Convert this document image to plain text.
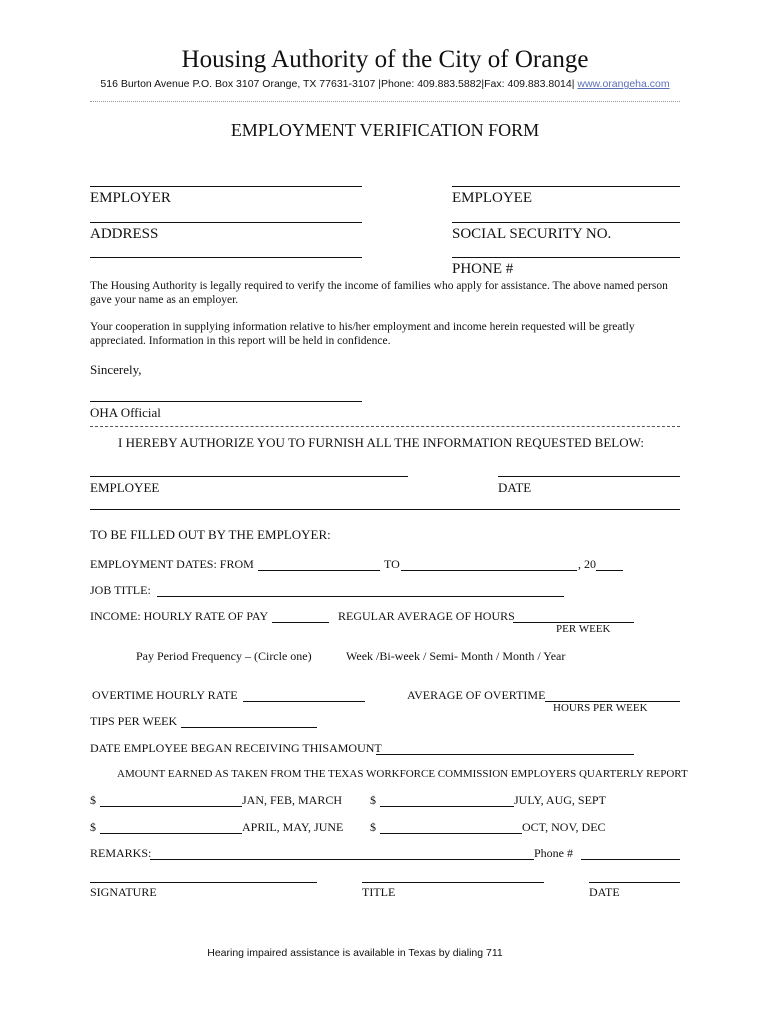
Housing Authority of the City of Orange
516 Burton Avenue P.O. Box 3107 Orange, TX 77631-3107 |Phone: 409.883.5882|Fax: 409.883.8014| www.orangeha.com
EMPLOYMENT VERIFICATION FORM
EMPLOYER	EMPLOYEE
ADDRESS	SOCIAL SECURITY NO.
PHONE #
The Housing Authority is legally required to verify the income of families who apply for assistance. The above named person gave your name as an employer.
Your cooperation in supplying information relative to his/her employment and income herein requested will be greatly appreciated. Information in this report will be held in confidence.
Sincerely,
OHA Official
I HEREBY AUTHORIZE YOU TO FURNISH ALL THE INFORMATION REQUESTED BELOW:
EMPLOYEE	DATE
TO BE FILLED OUT BY THE EMPLOYER:
EMPLOYMENT DATES: FROM	TO	, 20
JOB TITLE:
INCOME: HOURLY RATE OF PAY	REGULAR AVERAGE OF HOURS
PER WEEK
Pay Period Frequency – (Circle one)	Week /Bi-week / Semi- Month / Month / Year
OVERTIME HOURLY RATE	AVERAGE OF OVERTIME
HOURS PER WEEK
TIPS PER WEEK
DATE EMPLOYEE BEGAN RECEIVING THISAMOUNT
AMOUNT EARNED AS TAKEN FROM THE TEXAS WORKFORCE COMMISSION EMPLOYERS QUARTERLY REPORT
$	JAN, FEB, MARCH $	JULY, AUG, SEPT
$	APRIL, MAY, JUNE $	OCT, NOV, DEC
REMARKS:	Phone #
SIGNATURE	TITLE	DATE
Hearing impaired assistance is available in Texas by dialing 711
